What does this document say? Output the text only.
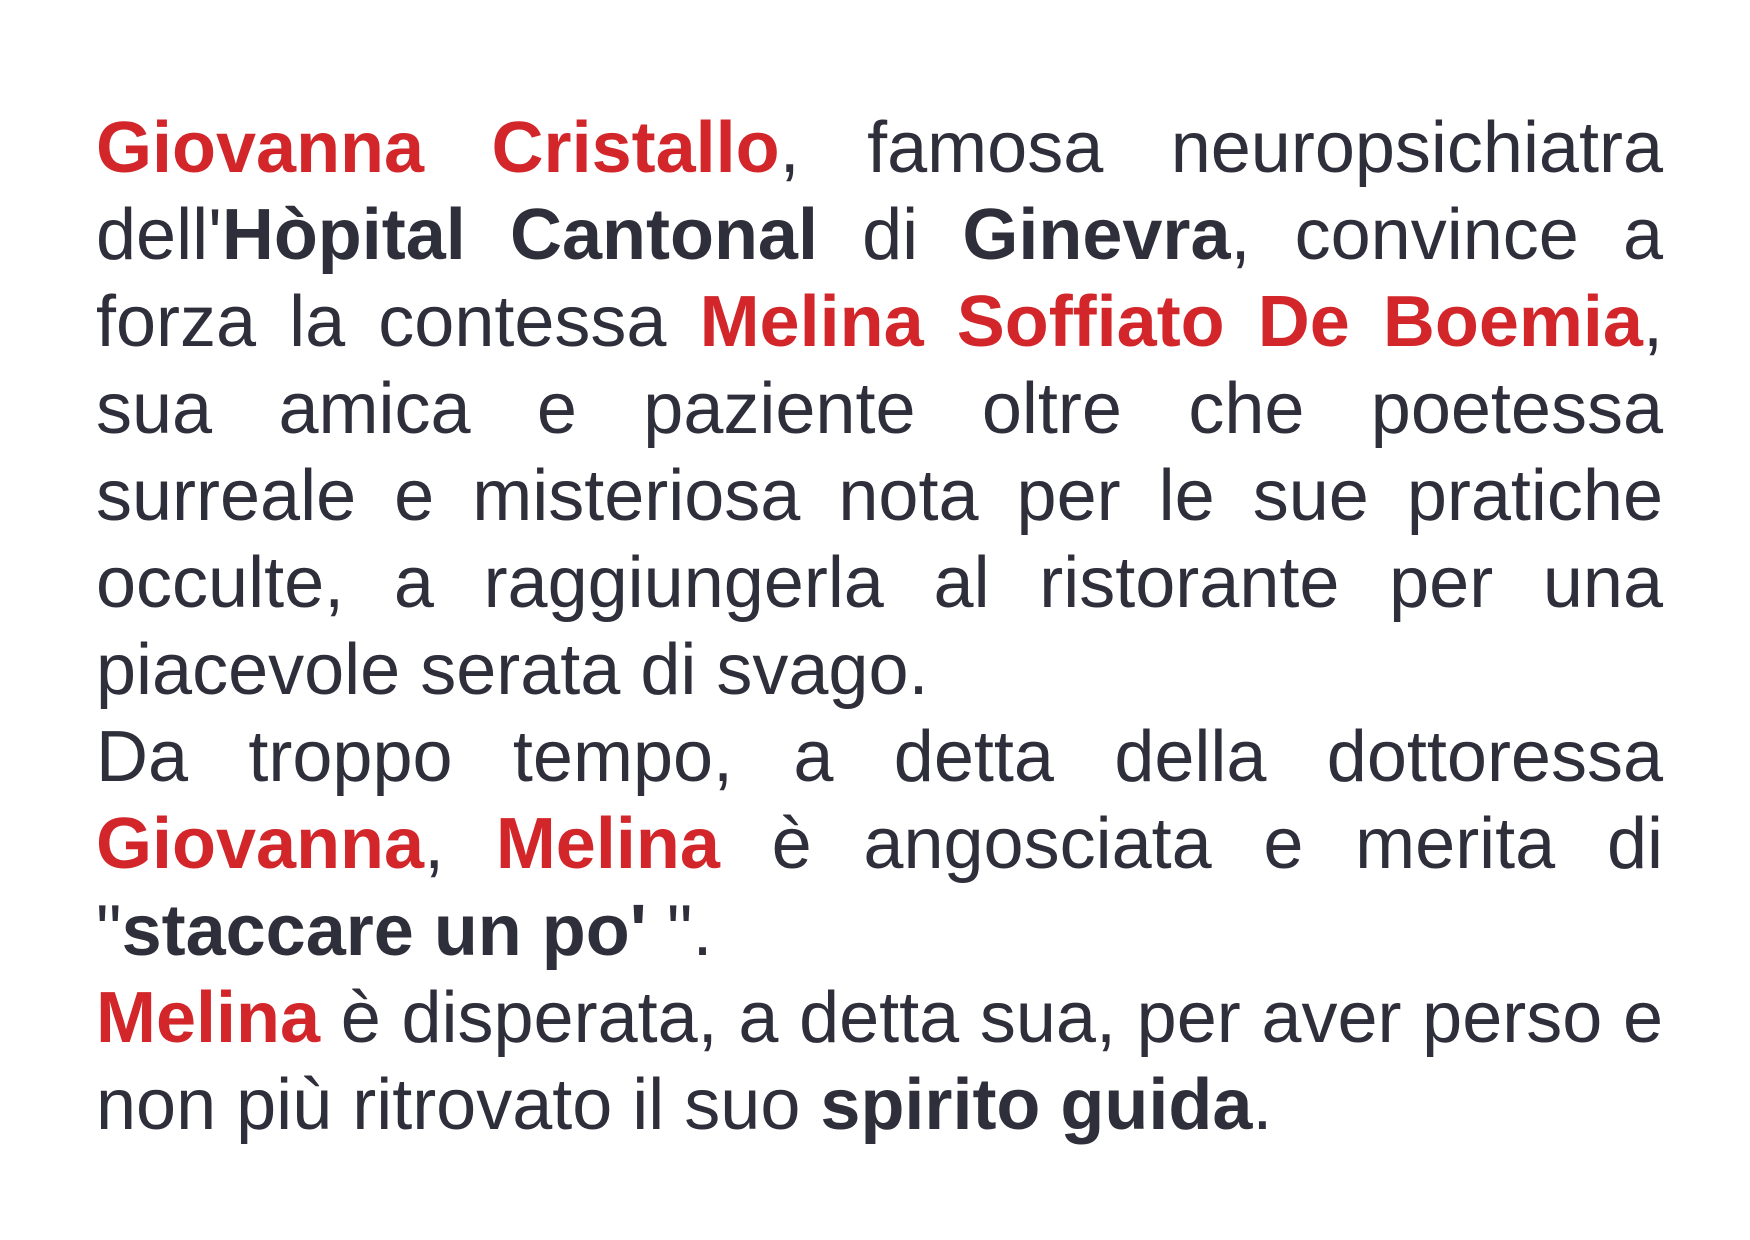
Giovanna Cristallo, famosa neuropsichiatra dell'Hòpital Cantonal di Ginevra, convince a forza la contessa Melina Soffiato De Boemia, sua amica e paziente oltre che poetessa surreale e misteriosa nota per le sue pratiche occulte, a raggiungerla al ristorante per una piacevole serata di svago.

Da troppo tempo, a detta della dottoressa Giovanna, Melina è angosciata e merita di "staccare un po' ".

Melina è disperata, a detta sua, per aver perso e non più ritrovato il suo spirito guida.
